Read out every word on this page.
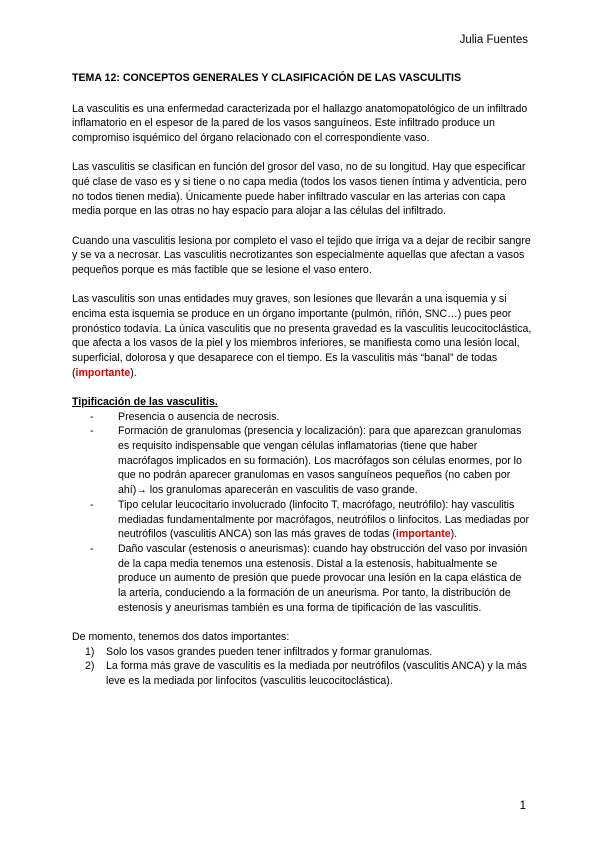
Julia Fuentes
TEMA 12: CONCEPTOS GENERALES Y CLASIFICACIÓN DE LAS VASCULITIS

La vasculitis es una enfermedad caracterizada por el hallazgo anatomopatológico de un infiltrado inflamatorio en el espesor de la pared de los vasos sanguíneos. Este infiltrado produce un compromiso isquémico del órgano relacionado con el correspondiente vaso.

Las vasculitis se clasifican en función del grosor del vaso, no de su longitud. Hay que especificar qué clase de vaso es y si tiene o no capa media (todos los vasos tienen íntima y adventicia, pero no todos tienen media). Únicamente puede haber infiltrado vascular en las arterias con capa media porque en las otras no hay espacio para alojar a las células del infiltrado.

Cuando una vasculitis lesiona por completo el vaso el tejido que irriga va a dejar de recibir sangre y se va a necrosar. Las vasculitis necrotizantes son especialmente aquellas que afectan a vasos pequeños porque es más factible que se lesione el vaso entero.

Las vasculitis son unas entidades muy graves, son lesiones que llevarán a una isquemia y si encima esta isquemia se produce en un órgano importante (pulmón, riñón, SNC…) pues peor pronóstico todavía. La única vasculitis que no presenta gravedad es la vasculitis leucocitoclástica, que afecta a los vasos de la piel y los miembros inferiores, se manifiesta como una lesión local, superficial, dolorosa y que desaparece con el tiempo. Es la vasculitis más “banal” de todas (importante).

Tipificación de las vasculitis.
- Presencia o ausencia de necrosis.
- Formación de granulomas (presencia y localización): para que aparezcan granulomas es requisito indispensable que vengan células inflamatorias (tiene que haber macrófagos implicados en su formación). Los macrófagos son células enormes, por lo que no podrán aparecer granulomas en vasos sanguíneos pequeños (no caben por ahí)→ los granulomas aparecerán en vasculitis de vaso grande.
- Tipo celular leucocitario involucrado (linfocito T, macrófago, neutrófilo): hay vasculitis mediadas fundamentalmente por macrófagos, neutrófilos o linfocitos. Las mediadas por neutrófilos (vasculitis ANCA) son las más graves de todas (importante).
- Daño vascular (estenosis o aneurismas): cuando hay obstrucción del vaso por invasión de la capa media tenemos una estenosis. Distal a la estenosis, habitualmente se produce un aumento de presión que puede provocar una lesión en la capa elástica de la arteria, conduciendo a la formación de un aneurisma. Por tanto, la distribución de estenosis y aneurismas también es una forma de tipificación de las vasculitis.
De momento, tenemos dos datos importantes:
1) Solo los vasos grandes pueden tener infiltrados y formar granulomas.
2) La forma más grave de vasculitis es la mediada por neutrófilos (vasculitis ANCA) y la más leve es la mediada por linfocitos (vasculitis leucocitoclástica).
1
